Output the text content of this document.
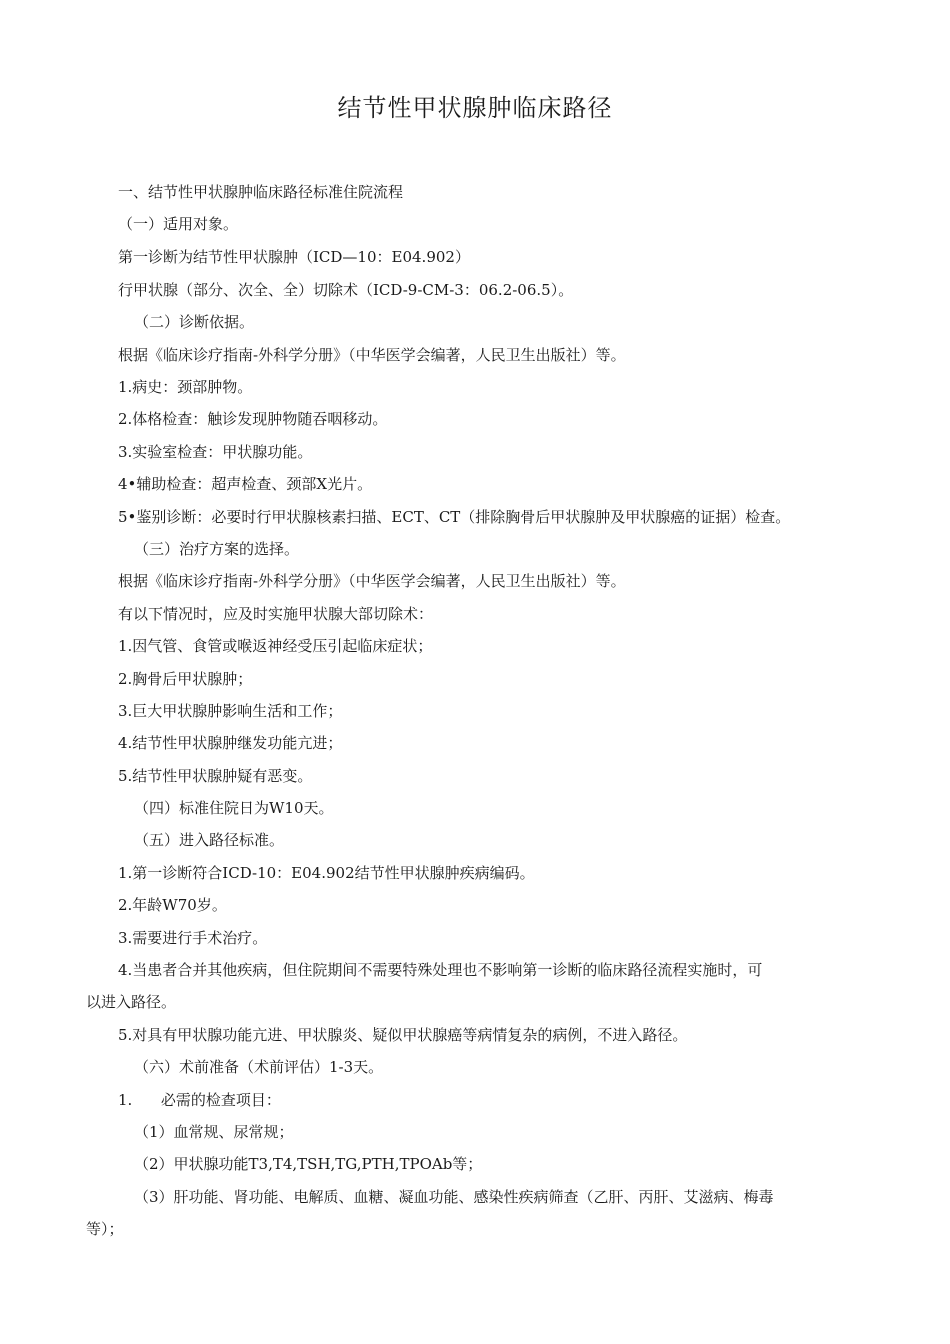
结节性甲状腺肿临床路径
一、结节性甲状腺肿临床路径标准住院流程
（一）适用对象。
第一诊断为结节性甲状腺肿（ICD—10：E04.902）
行甲状腺（部分、次全、全）切除术（ICD-9-CM-3：06.2-06.5）。
（二）诊断依据。
根据《临床诊疗指南-外科学分册》（中华医学会编著，人民卫生出版社）等。
1.病史：颈部肿物。
2.体格检查：触诊发现肿物随吞咽移动。
3.实验室检查：甲状腺功能。
4•辅助检查：超声检查、颈部X光片。
5•鉴别诊断：必要时行甲状腺核素扫描、ECT、CT（排除胸骨后甲状腺肿及甲状腺癌的证据）检查。
（三）治疗方案的选择。
根据《临床诊疗指南-外科学分册》（中华医学会编著，人民卫生出版社）等。
有以下情况时，应及时实施甲状腺大部切除术：
1.因气管、食管或喉返神经受压引起临床症状；
2.胸骨后甲状腺肿；
3.巨大甲状腺肿影响生活和工作；
4.结节性甲状腺肿继发功能亢进；
5.结节性甲状腺肿疑有恶变。
（四）标准住院日为W10天。
（五）进入路径标准。
1.第一诊断符合ICD-10：E04.902结节性甲状腺肿疾病编码。
2.年龄W70岁。
3.需要进行手术治疗。
4.当患者合并其他疾病，但住院期间不需要特殊处理也不影响第一诊断的临床路径流程实施时，可
以进入路径。
5.对具有甲状腺功能亢进、甲状腺炎、疑似甲状腺癌等病情复杂的病例，不进入路径。
（六）术前准备（术前评估）1-3天。
1.      必需的检查项目：
（1）血常规、尿常规；
（2）甲状腺功能T3,T4,TSH,TG,PTH,TPOAb等；
（3）肝功能、肾功能、电解质、血糖、凝血功能、感染性疾病筛查（乙肝、丙肝、艾滋病、梅毒
等）；
